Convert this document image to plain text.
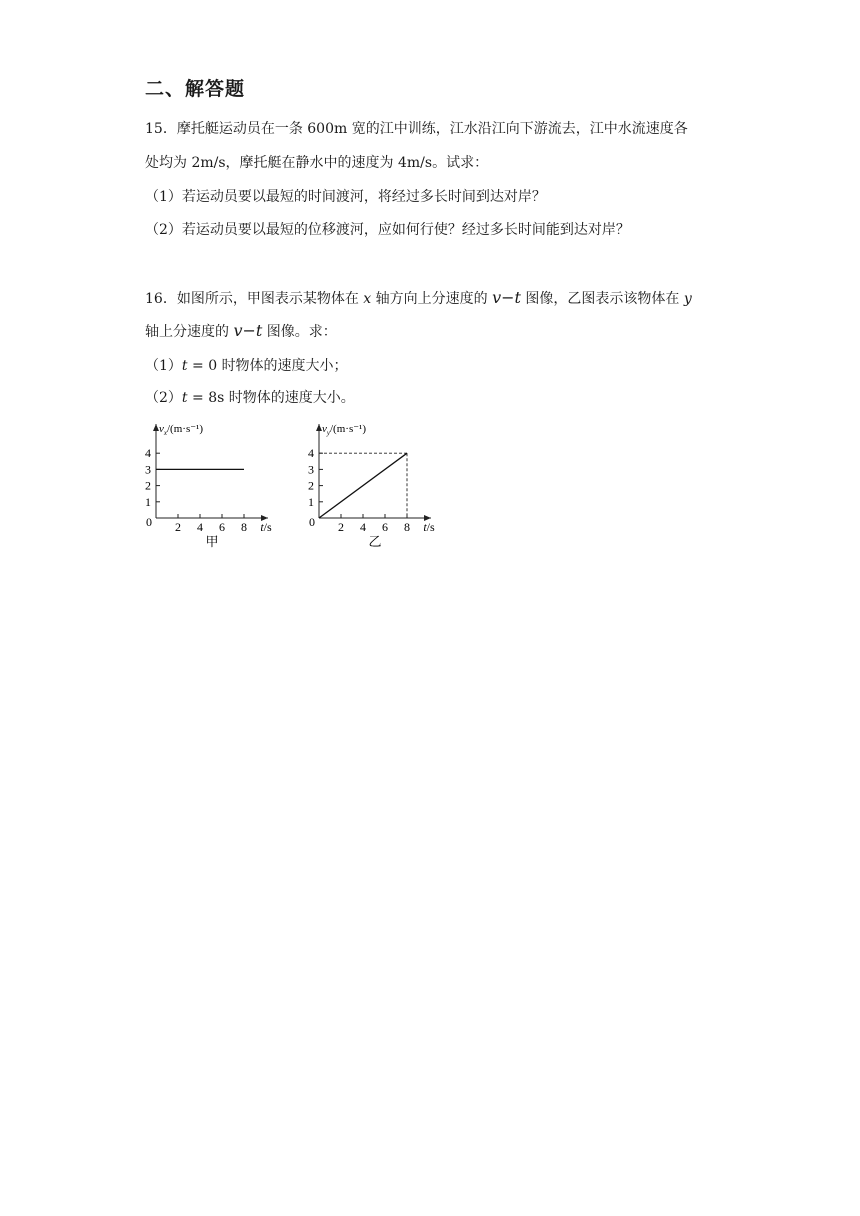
二、解答题
15．摩托艇运动员在一条 600m 宽的江中训练，江水沿江向下游流去，江中水流速度各
处均为 2m/s，摩托艇在静水中的速度为 4m/s。试求：
（1）若运动员要以最短的时间渡河，将经过多长时间到达对岸？
（2）若运动员要以最短的位移渡河，应如何行使？经过多长时间能到达对岸？
16．如图所示，甲图表示某物体在 x 轴方向上分速度的 v−t 图像，乙图表示该物体在 y
轴上分速度的 v−t 图像。求：
（1）t = 0 时物体的速度大小；
（2）t = 8s 时物体的速度大小。
$v_x/(m\cdot s^{-1})$
1
2
3
4
0 2 4 6 8 t/s
甲
$v_y/(m\cdot s^{-1})$
1
2
3
4
0 2 4 6 8 t/s
乙
